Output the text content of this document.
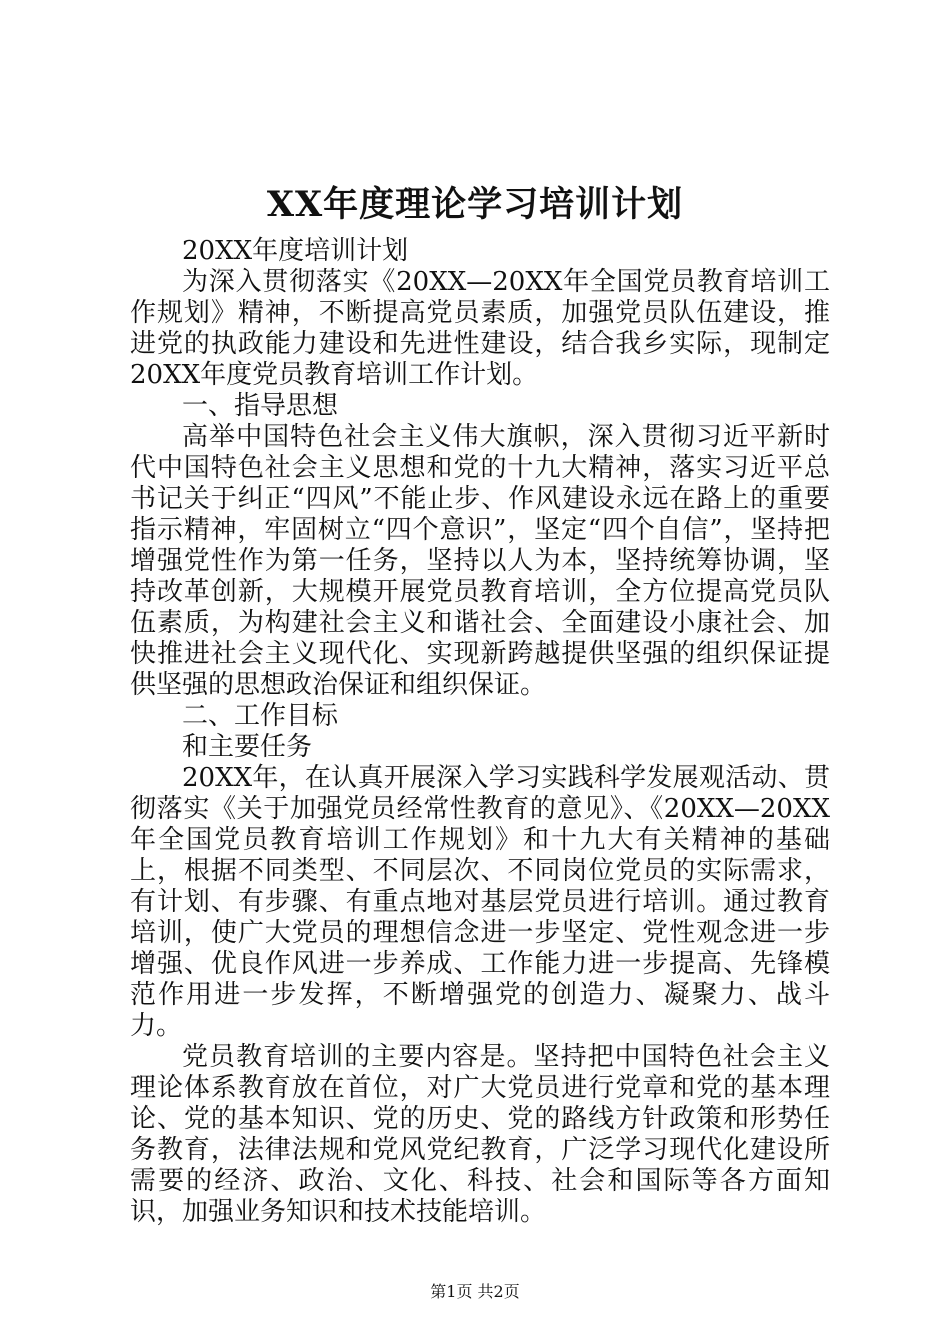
XX年度理论学习培训计划

20XX年度培训计划

为深入贯彻落实《20XX—20XX年全国党员教育培训工作规划》精神，不断提高党员素质，加强党员队伍建设，推进党的执政能力建设和先进性建设，结合我乡实际，现制定20XX年度党员教育培训工作计划。

一、指导思想

高举中国特色社会主义伟大旗帜，深入贯彻习近平新时代中国特色社会主义思想和党的十九大精神，落实习近平总书记关于纠正“四风”不能止步、作风建设永远在路上的重要指示精神，牢固树立“四个意识”，坚定“四个自信”，坚持把增强党性作为第一任务，坚持以人为本，坚持统筹协调，坚持改革创新，大规模开展党员教育培训，全方位提高党员队伍素质，为构建社会主义和谐社会、全面建设小康社会、加快推进社会主义现代化、实现新跨越提供坚强的组织保证提供坚强的思想政治保证和组织保证。

二、工作目标

和主要任务

20XX年，在认真开展深入学习实践科学发展观活动、贯彻落实《关于加强党员经常性教育的意见》、《20XX—20XX年全国党员教育培训工作规划》和十九大有关精神的基础上，根据不同类型、不同层次、不同岗位党员的实际需求，有计划、有步骤、有重点地对基层党员进行培训。通过教育培训，使广大党员的理想信念进一步坚定、党性观念进一步增强、优良作风进一步养成、工作能力进一步提高、先锋模范作用进一步发挥，不断增强党的创造力、凝聚力、战斗力。

党员教育培训的主要内容是。坚持把中国特色社会主义理论体系教育放在首位，对广大党员进行党章和党的基本理论、党的基本知识、党的历史、党的路线方针政策和形势任务教育，法律法规和党风党纪教育，广泛学习现代化建设所需要的经济、政治、文化、科技、社会和国际等各方面知识，加强业务知识和技术技能培训。

第1页 共2页
